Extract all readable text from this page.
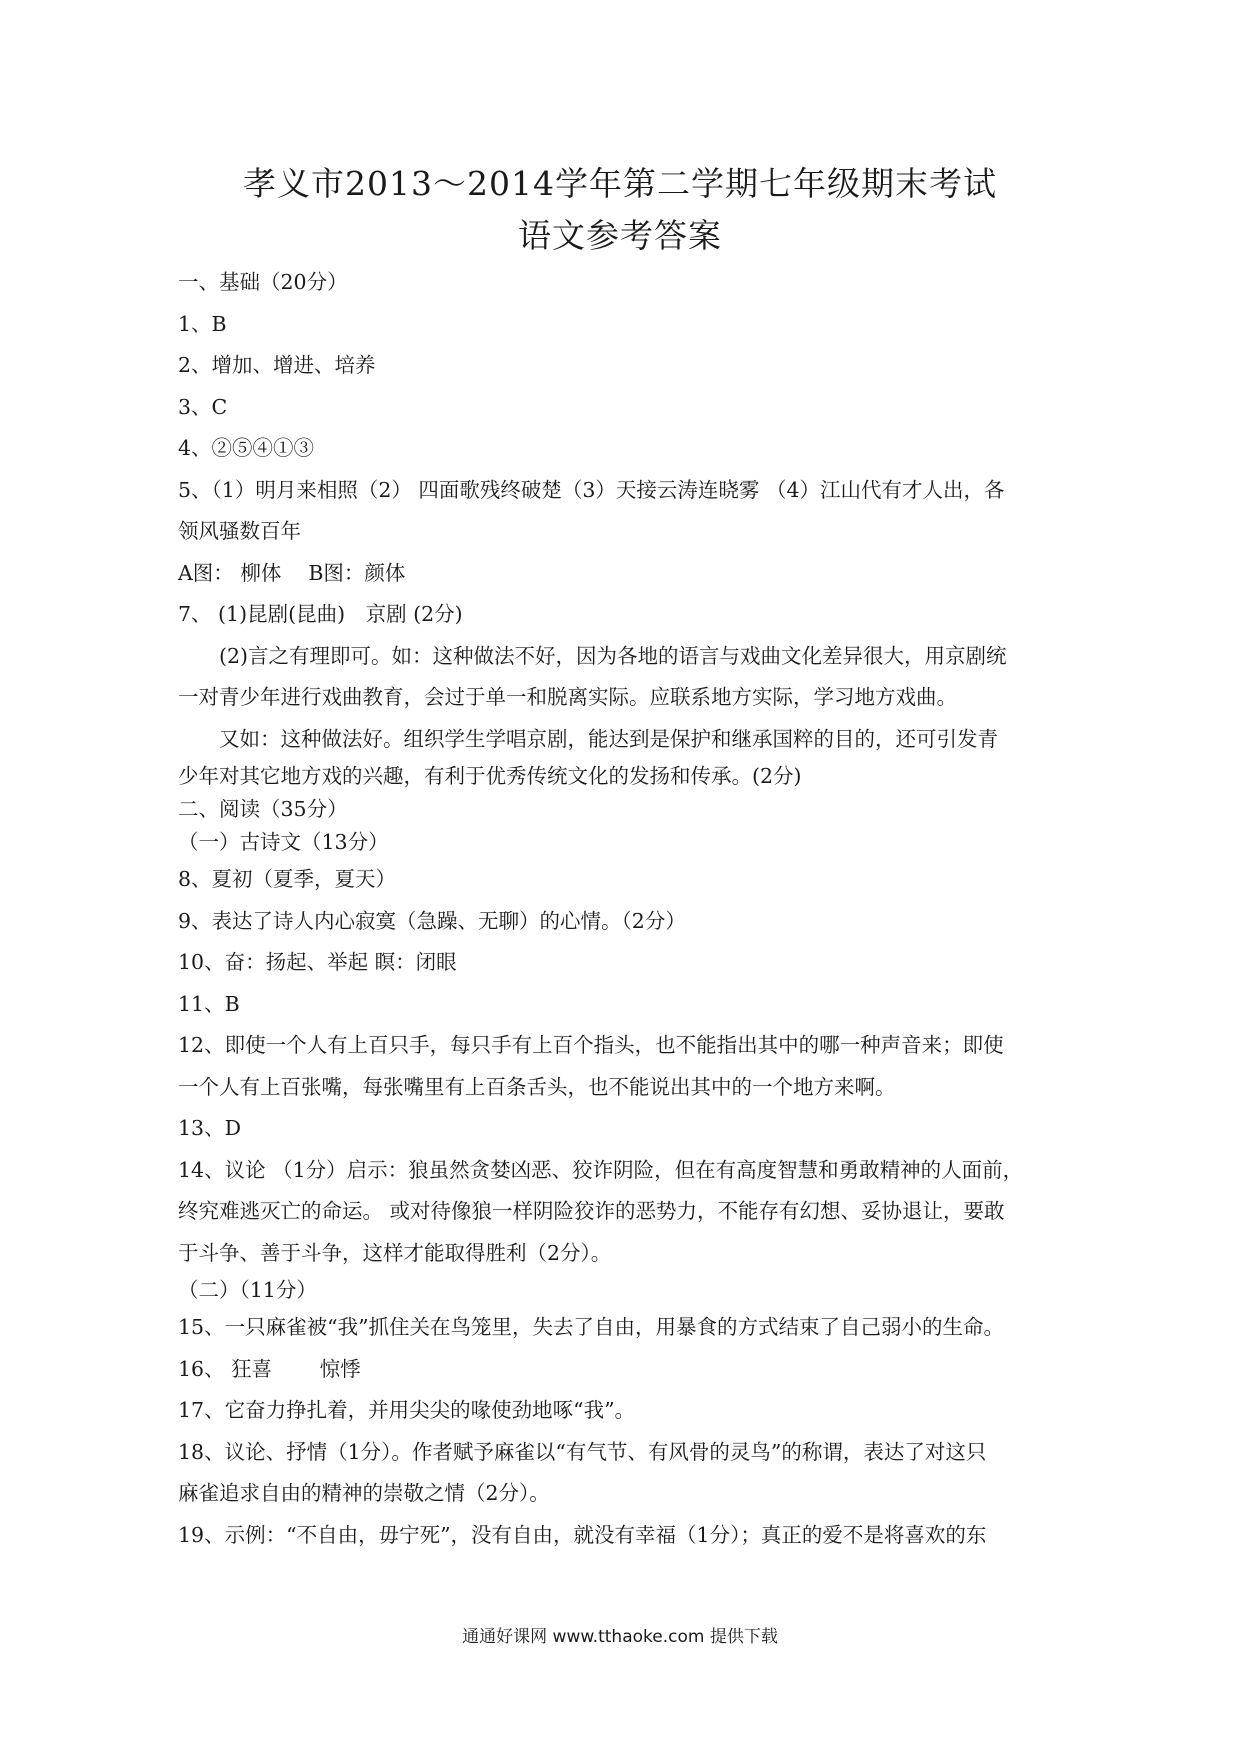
孝义市2013～2014学年第二学期七年级期末考试
语文参考答案
一、基础（20分）
1、B
2、增加、增进、培养
3、C
4、②⑤④①③
5、（1）明月来相照（2） 四面歌残终破楚（3）天接云涛连晓雾 （4）江山代有才人出，各
领风骚数百年
A图： 柳体　 B图：颜体
7、 (1)昆剧(昆曲)　京剧 (2分)
(2)言之有理即可。如：这种做法不好，因为各地的语言与戏曲文化差异很大，用京剧统
一对青少年进行戏曲教育，会过于单一和脱离实际。应联系地方实际，学习地方戏曲。
又如：这种做法好。组织学生学唱京剧，能达到是保护和继承国粹的目的，还可引发青
少年对其它地方戏的兴趣，有利于优秀传统文化的发扬和传承。(2分)
二、阅读（35分）
（一）古诗文（13分）
8、夏初（夏季，夏天）
9、表达了诗人内心寂寞（急躁、无聊）的心情。（2分）
10、奋：扬起、举起 瞑：闭眼
11、B
12、即使一个人有上百只手，每只手有上百个指头，也不能指出其中的哪一种声音来；即使
一个人有上百张嘴，每张嘴里有上百条舌头，也不能说出其中的一个地方来啊。
13、D
14、议论 （1分）启示：狼虽然贪婪凶恶、狡诈阴险，但在有高度智慧和勇敢精神的人面前，
终究难逃灭亡的命运。 或对待像狼一样阴险狡诈的恶势力，不能存有幻想、妥协退让，要敢
于斗争、善于斗争，这样才能取得胜利（2分）。
（二）（11分）
15、一只麻雀被“我”抓住关在鸟笼里，失去了自由，用暴食的方式结束了自己弱小的生命。
16、 狂喜　　 惊悸
17、它奋力挣扎着，并用尖尖的喙使劲地啄“我”。
18、议论、抒情（1分）。作者赋予麻雀以“有气节、有风骨的灵鸟”的称谓，表达了对这只
麻雀追求自由的精神的崇敬之情（2分）。
19、示例：“不自由，毋宁死”，没有自由，就没有幸福（1分）；真正的爱不是将喜欢的东
通通好课网 www.tthaoke.com 提供下载
